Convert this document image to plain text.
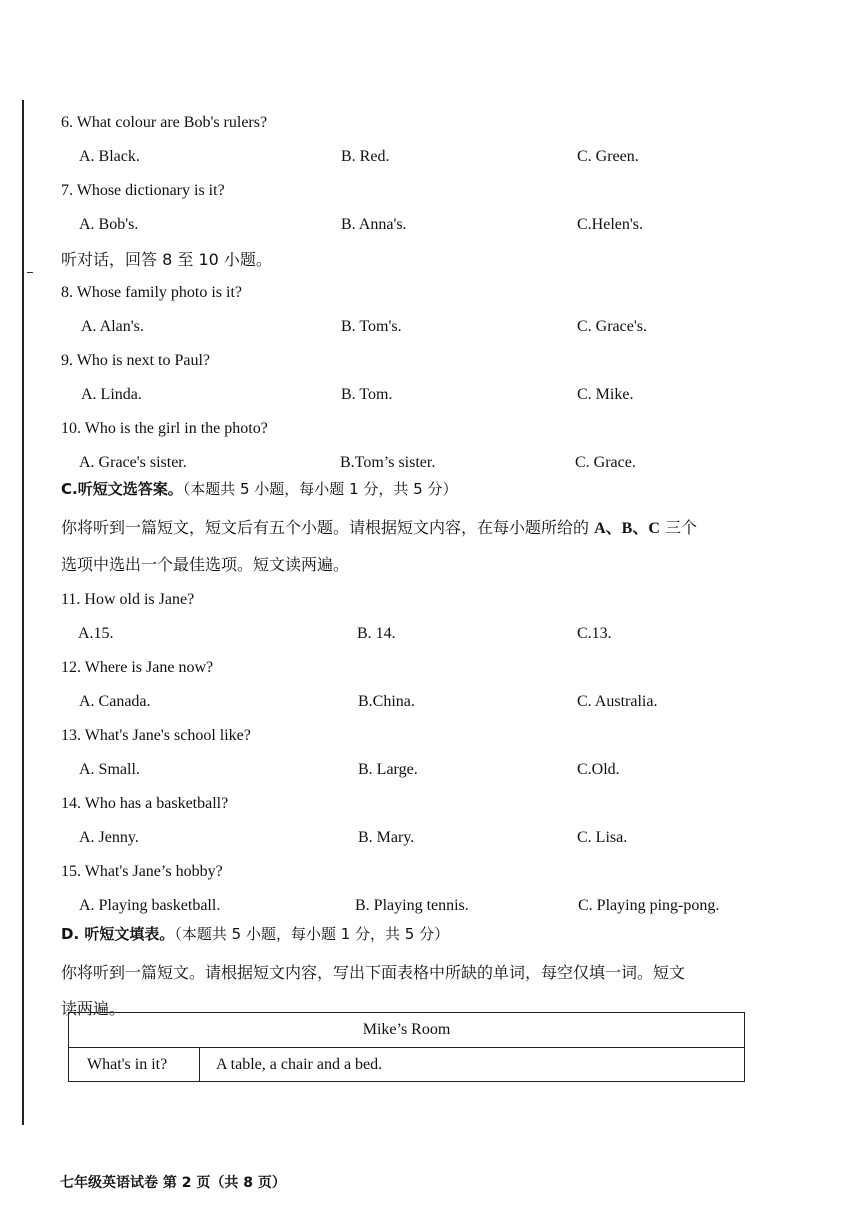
6. What colour are Bob's rulers?
A. Black.	B. Red.	C. Green.
7. Whose dictionary is it?
A. Bob's.	B. Anna's.	C.Helen's.
听对话，回答 8 至 10 小题。
8. Whose family photo is it?
A. Alan's.	B. Tom's.	C. Grace's.
9. Who is next to Paul?
A. Linda.	B. Tom.	C. Mike.
10. Who is the girl in the photo?
A. Grace's sister.	B.Tom’s sister.	C. Grace.
C.听短文选答案。（本题共 5 小题，每小题 1 分，共 5 分）
你将听到一篇短文，短文后有五个小题。请根据短文内容，在每小题所给的 A、B、C 三个
选项中选出一个最佳选项。短文读两遍。
11. How old is Jane?
A.15.	B. 14.	C.13.
12. Where is Jane now?
A. Canada.	B.China.	C. Australia.
13. What's Jane's school like?
A. Small.	B. Large.	C.Old.
14. Who has a basketball?
A. Jenny.	B. Mary.	C. Lisa.
15. What's Jane’s hobby?
A. Playing basketball.	B. Playing tennis.	C. Playing ping-pong.
D. 听短文填表。（本题共 5 小题，每小题 1 分，共 5 分）
你将听到一篇短文。请根据短文内容，写出下面表格中所缺的单词，每空仅填一词。短文
读两遍。
Mike’s Room
What's in it?	A table, a chair and a bed.
七年级英语试卷 第 2 页（共 8 页）
